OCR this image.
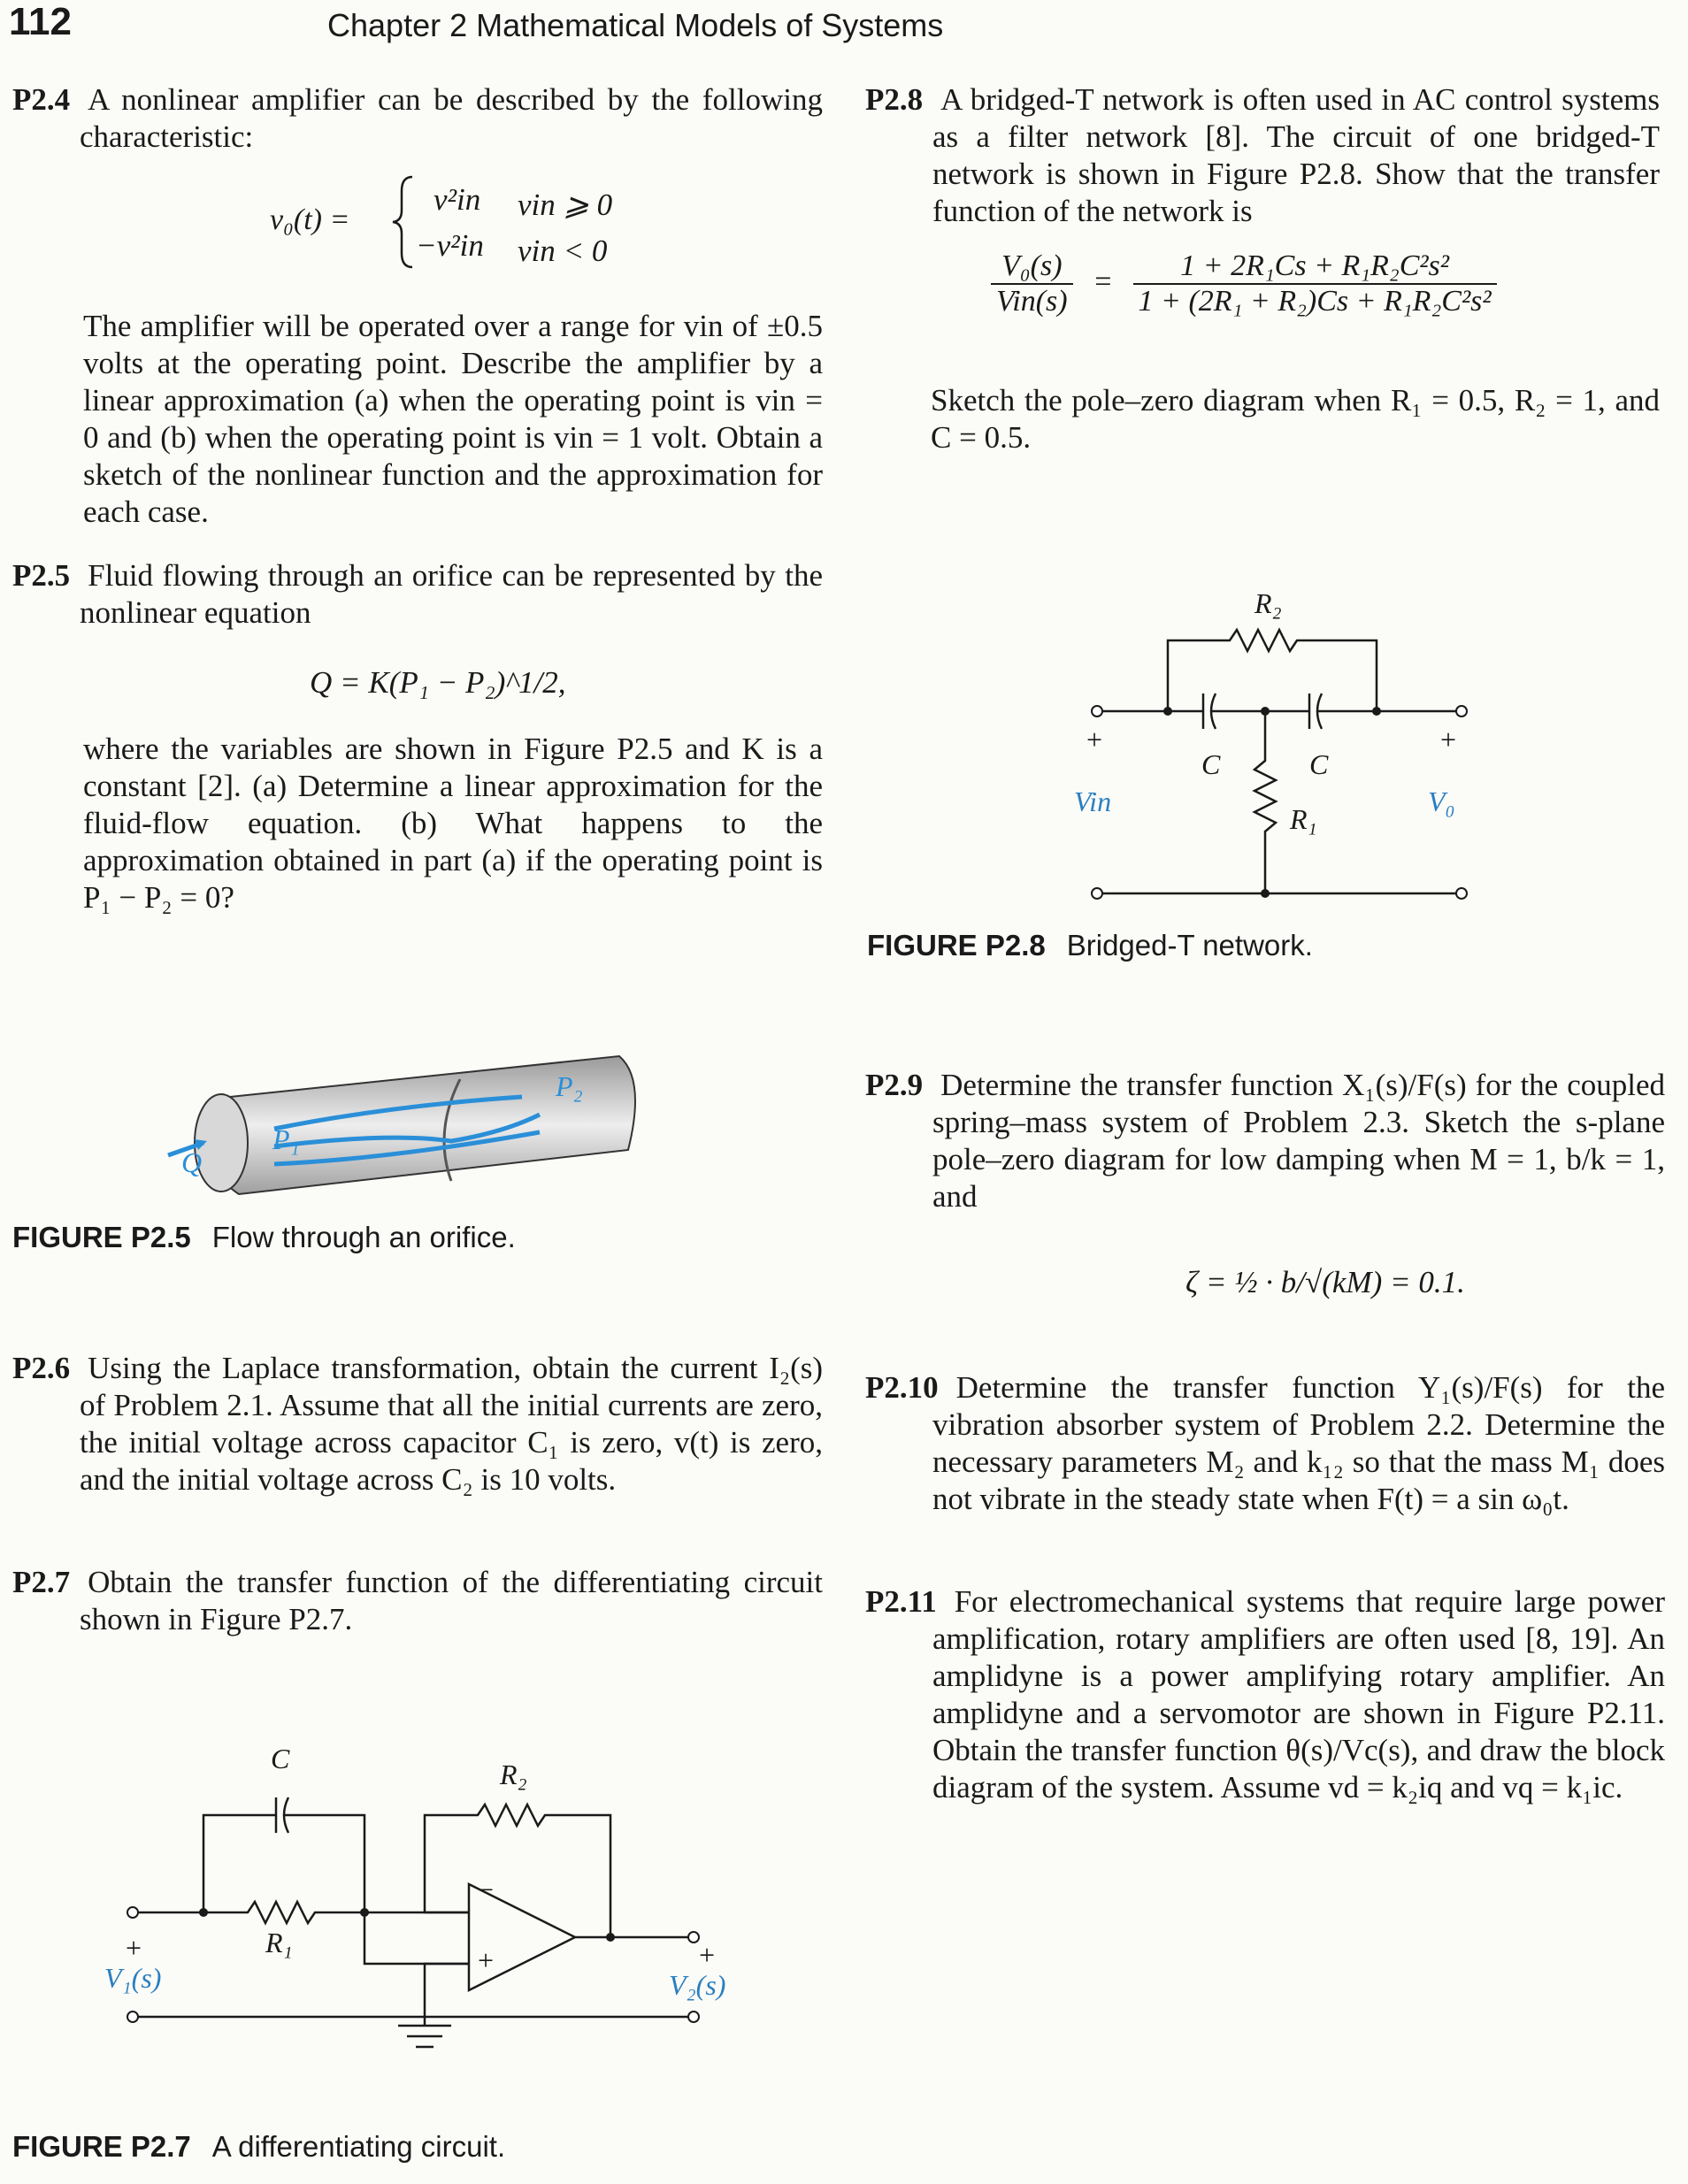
112	Chapter 2 Mathematical Models of Systems
P2.4 A nonlinear amplifier can be described by the following characteristic:
v₀(t) =
v²in vin ⩾ 0
−v²in vin < 0
The amplifier will be operated over a range for vin of ±0.5 volts at the operating point. Describe the amplifier by a linear approximation (a) when the operating point is vin = 0 and (b) when the operating point is vin = 1 volt. Obtain a sketch of the nonlinear function and the approximation for each case.
P2.5 Fluid flowing through an orifice can be represented by the nonlinear equation
Q = K(P₁ − P₂)^1/2,
where the variables are shown in Figure P2.5 and K is a constant [2]. (a) Determine a linear approximation for the fluid-flow equation. (b) What happens to the approximation obtained in part (a) if the operating point is P₁ − P₂ = 0?
Q
P₁
P₂
FIGURE P2.5 Flow through an orifice.
P2.6 Using the Laplace transformation, obtain the current I₂(s) of Problem 2.1. Assume that all the initial currents are zero, the initial voltage across capacitor C₁ is zero, v(t) is zero, and the initial voltage across C₂ is 10 volts.
P2.7 Obtain the transfer function of the differentiating circuit shown in Figure P2.7.
C
R₁
R₂
−
+
+
V₁(s)
+
V₂(s)
FIGURE P2.7 A differentiating circuit.
P2.8 A bridged-T network is often used in AC control systems as a filter network [8]. The circuit of one bridged-T network is shown in Figure P2.8. Show that the transfer function of the network is
$\frac{\text{V₀(s)}}{\text{Vin(s)}} = \frac{\text{1 + 2R₁Cs + R₁R₂C²s²}}{\text{1 + (2R₁ + R₂)Cs + R₁R₂C²s²}}$
Sketch the pole–zero diagram when R₁ = 0.5, R₂ = 1, and C = 0.5.
R₂
C	C
R₁
+
Vin
+
V₀
FIGURE P2.8 Bridged-T network.
P2.9 Determine the transfer function X₁(s)/F(s) for the coupled spring–mass system of Problem 2.3. Sketch the s-plane pole–zero diagram for low damping when M = 1, b/k = 1, and
ζ = ½ · b/√(kM) = 0.1.
P2.10 Determine the transfer function Y₁(s)/F(s) for the vibration absorber system of Problem 2.2. Determine the necessary parameters M₂ and k₁₂ so that the mass M₁ does not vibrate in the steady state when F(t) = a sin ω₀t.
P2.11 For electromechanical systems that require large power amplification, rotary amplifiers are often used [8, 19]. An amplidyne is a power amplifying rotary amplifier. An amplidyne and a servomotor are shown in Figure P2.11. Obtain the transfer function θ(s)/Vc(s), and draw the block diagram of the system. Assume vd = k₂iq and vq = k₁ic.
